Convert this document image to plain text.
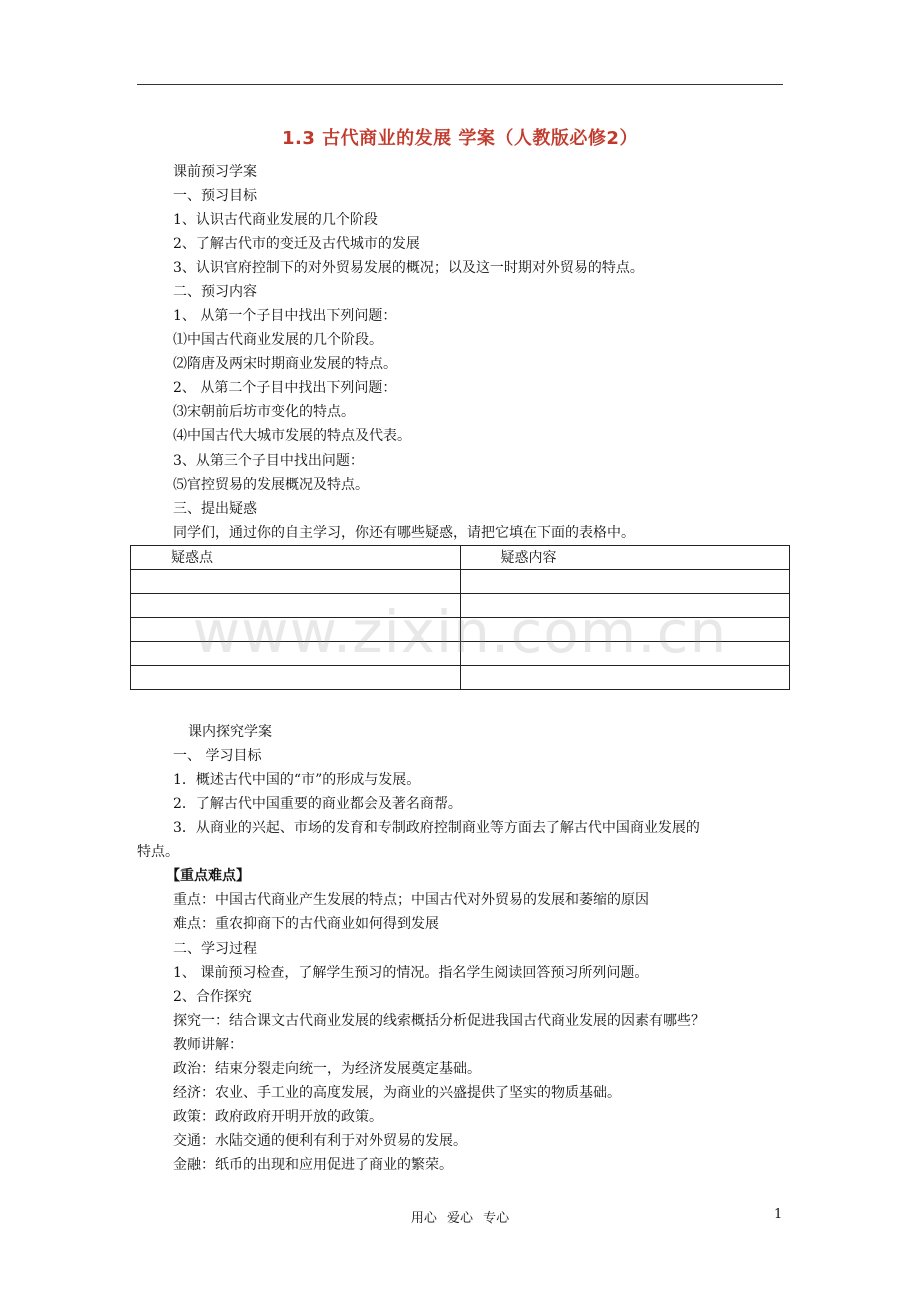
1.3 古代商业的发展 学案（人教版必修2）
课前预习学案
一、预习目标
1、认识古代商业发展的几个阶段
2、了解古代市的变迁及古代城市的发展
3、认识官府控制下的对外贸易发展的概况；以及这一时期对外贸易的特点。
二、预习内容
1、 从第一个子目中找出下列问题：
⑴中国古代商业发展的几个阶段。
⑵隋唐及两宋时期商业发展的特点。
2、 从第二个子目中找出下列问题：
⑶宋朝前后坊市变化的特点。
⑷中国古代大城市发展的特点及代表。
3、从第三个子目中找出问题：
⑸官控贸易的发展概况及特点。
三、提出疑惑
同学们，通过你的自主学习，你还有哪些疑惑，请把它填在下面的表格中。
疑惑点	疑惑内容

www.zixin.com.cn
课内探究学案
一、 学习目标
1．概述古代中国的“市”的形成与发展。
2．了解古代中国重要的商业都会及著名商帮。
3．从商业的兴起、市场的发育和专制政府控制商业等方面去了解古代中国商业发展的
特点。
【重点难点】
重点：中国古代商业产生发展的特点；中国古代对外贸易的发展和萎缩的原因
难点：重农抑商下的古代商业如何得到发展
二、学习过程
1、 课前预习检查，了解学生预习的情况。指名学生阅读回答预习所列问题。
2、合作探究
探究一：结合课文古代商业发展的线索概括分析促进我国古代商业发展的因素有哪些？
教师讲解：
政治：结束分裂走向统一，为经济发展奠定基础。
经济：农业、手工业的高度发展，为商业的兴盛提供了坚实的物质基础。
政策：政府政府开明开放的政策。
交通：水陆交通的便利有利于对外贸易的发展。
金融：纸币的出现和应用促进了商业的繁荣。
用心 爱心 专心	1
